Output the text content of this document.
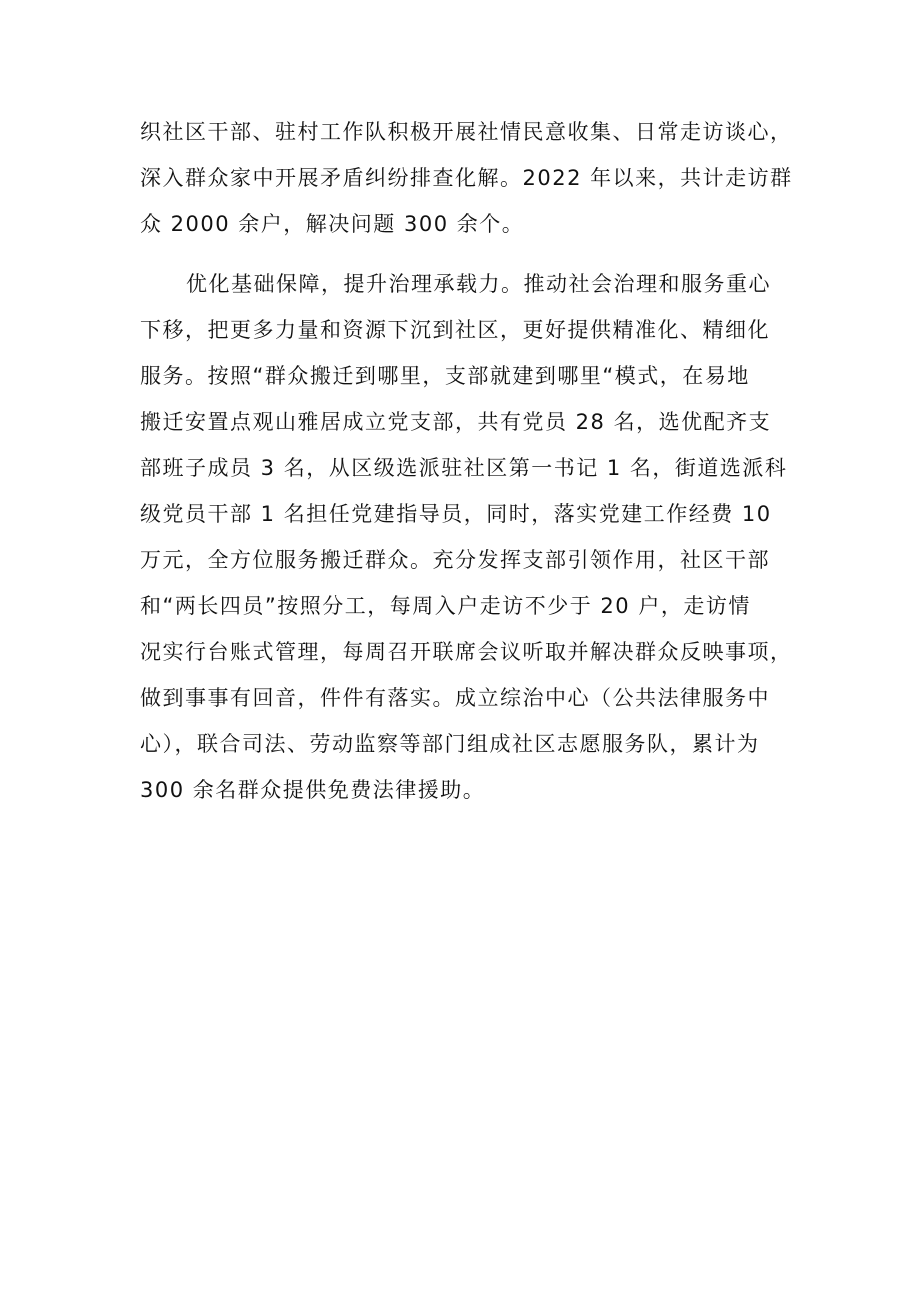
织社区干部、驻村工作队积极开展社情民意收集、日常走访谈心，
深入群众家中开展矛盾纠纷排查化解。2022 年以来，共计走访群
众 2000 余户，解决问题 300 余个。
优化基础保障，提升治理承载力。推动社会治理和服务重心
下移，把更多力量和资源下沉到社区，更好提供精准化、精细化
服务。按照“群众搬迁到哪里，支部就建到哪里“模式，在易地
搬迁安置点观山雅居成立党支部，共有党员 28 名，选优配齐支
部班子成员 3 名，从区级选派驻社区第一书记 1 名，街道选派科
级党员干部 1 名担任党建指导员，同时，落实党建工作经费 10
万元，全方位服务搬迁群众。充分发挥支部引领作用，社区干部
和“两长四员”按照分工，每周入户走访不少于 20 户，走访情
况实行台账式管理，每周召开联席会议听取并解决群众反映事项，
做到事事有回音，件件有落实。成立综治中心（公共法律服务中
心），联合司法、劳动监察等部门组成社区志愿服务队，累计为
300 余名群众提供免费法律援助。
